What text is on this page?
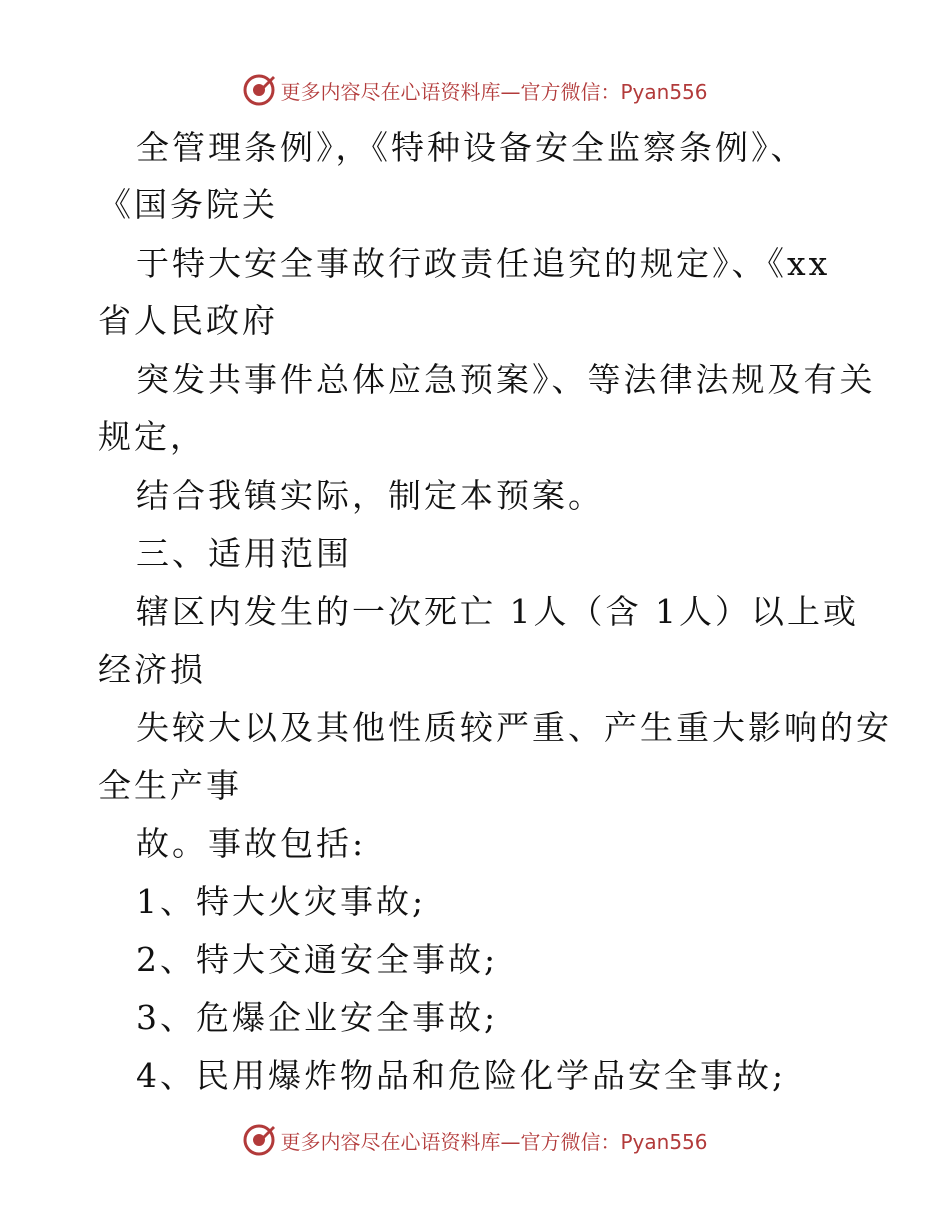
更多内容尽在心语资料库—官方微信：Pyan556
更多内容尽在心语资料库—官方微信：Pyan556
全管理条例》，《特种设备安全监察条例》、
《国务院关
于特大安全事故行政责任追究的规定》、《xx
省人民政府
突发共事件总体应急预案》、等法律法规及有关
规定，
结合我镇实际，制定本预案。
三、适用范围
辖区内发生的一次死亡 1人（含 1人）以上或
经济损
失较大以及其他性质较严重、产生重大影响的安
全生产事
故。事故包括:
1、特大火灾事故;
2、特大交通安全事故;
3、危爆企业安全事故;
4、民用爆炸物品和危险化学品安全事故;
